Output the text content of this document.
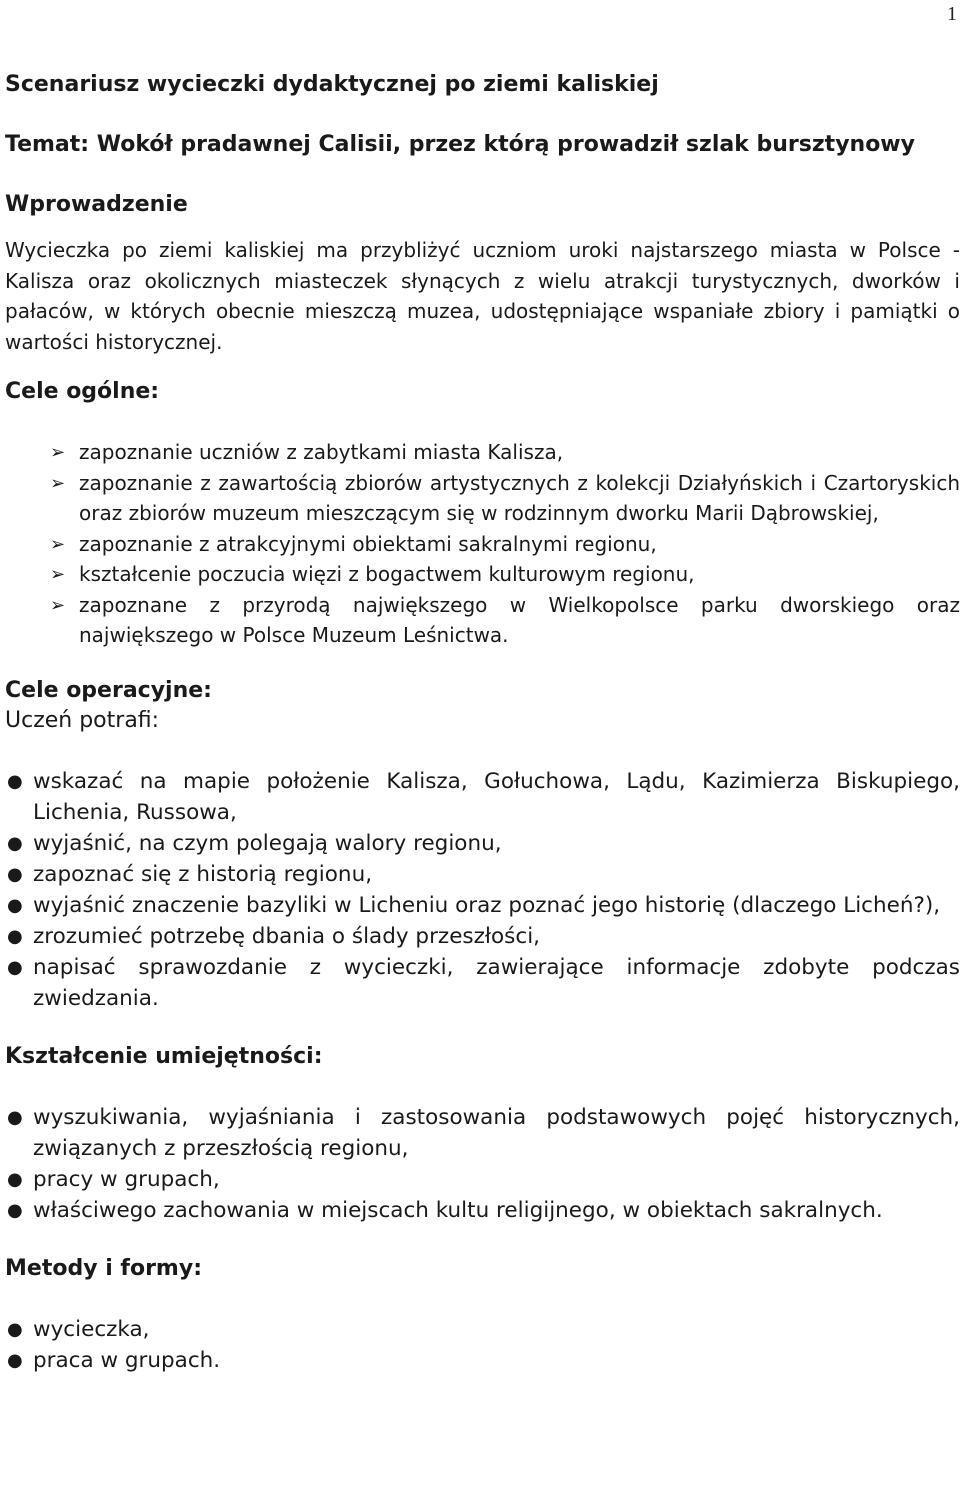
1
Scenariusz wycieczki dydaktycznej po ziemi kaliskiej
Temat: Wokół pradawnej Calisii, przez którą prowadził szlak bursztynowy
Wprowadzenie

Wycieczka po ziemi kaliskiej ma przybliżyć uczniom uroki najstarszego miasta w Polsce - Kalisza oraz okolicznych miasteczek słynących z wielu atrakcji turystycznych, dworków i pałaców, w których obecnie mieszczą muzea, udostępniające wspaniałe zbiory i pamiątki o wartości historycznej.

Cele ogólne:
➢ zapoznanie uczniów z zabytkami miasta Kalisza,
➢ zapoznanie z zawartością zbiorów artystycznych z kolekcji Działyńskich i Czartoryskich oraz zbiorów muzeum mieszczącym się w rodzinnym dworku Marii Dąbrowskiej,
➢ zapoznanie z atrakcyjnymi obiektami sakralnymi regionu,
➢ kształcenie poczucia więzi z bogactwem kulturowym regionu,
➢ zapoznane z przyrodą największego w Wielkopolsce parku dworskiego oraz największego w Polsce Muzeum Leśnictwa.
Cele operacyjne:
Uczeń potrafi:
● wskazać na mapie położenie Kalisza, Gołuchowa, Lądu, Kazimierza Biskupiego, Lichenia, Russowa,
● wyjaśnić, na czym polegają walory regionu,
● zapoznać się z historią regionu,
● wyjaśnić znaczenie bazyliki w Licheniu oraz poznać jego historię (dlaczego Licheń?),
● zrozumieć potrzebę dbania o ślady przeszłości,
● napisać sprawozdanie z wycieczki, zawierające informacje zdobyte podczas zwiedzania.
Kształcenie umiejętności:
● wyszukiwania, wyjaśniania i zastosowania podstawowych pojęć historycznych, związanych z przeszłością regionu,
● pracy w grupach,
● właściwego zachowania w miejscach kultu religijnego, w obiektach sakralnych.
Metody i formy:
● wycieczka,
● praca w grupach.
